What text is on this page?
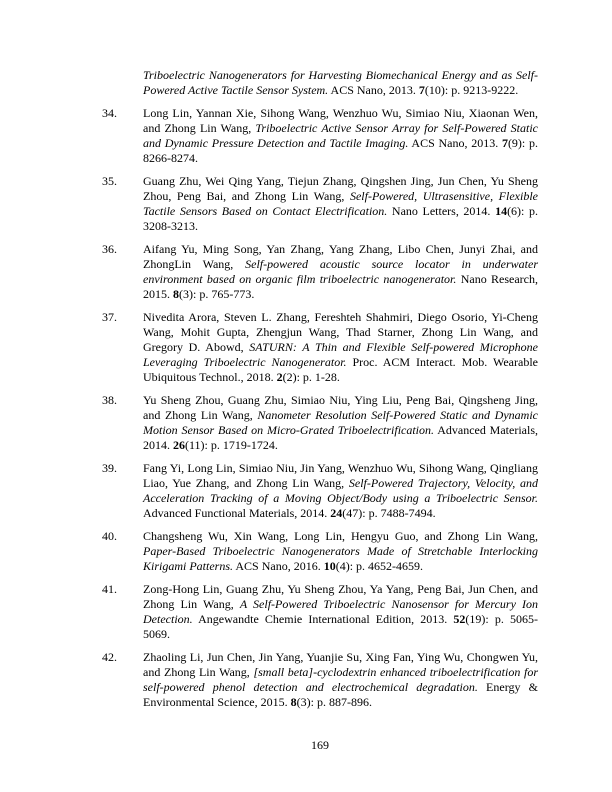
Triboelectric Nanogenerators for Harvesting Biomechanical Energy and as Self-Powered Active Tactile Sensor System. ACS Nano, 2013. 7(10): p. 9213-9222.
34.	Long Lin, Yannan Xie, Sihong Wang, Wenzhuo Wu, Simiao Niu, Xiaonan Wen, and Zhong Lin Wang, Triboelectric Active Sensor Array for Self-Powered Static and Dynamic Pressure Detection and Tactile Imaging. ACS Nano, 2013. 7(9): p. 8266-8274.
35.	Guang Zhu, Wei Qing Yang, Tiejun Zhang, Qingshen Jing, Jun Chen, Yu Sheng Zhou, Peng Bai, and Zhong Lin Wang, Self-Powered, Ultrasensitive, Flexible Tactile Sensors Based on Contact Electrification. Nano Letters, 2014. 14(6): p. 3208-3213.
36.	Aifang Yu, Ming Song, Yan Zhang, Yang Zhang, Libo Chen, Junyi Zhai, and ZhongLin Wang, Self-powered acoustic source locator in underwater environment based on organic film triboelectric nanogenerator. Nano Research, 2015. 8(3): p. 765-773.
37.	Nivedita Arora, Steven L. Zhang, Fereshteh Shahmiri, Diego Osorio, Yi-Cheng Wang, Mohit Gupta, Zhengjun Wang, Thad Starner, Zhong Lin Wang, and Gregory D. Abowd, SATURN: A Thin and Flexible Self-powered Microphone Leveraging Triboelectric Nanogenerator. Proc. ACM Interact. Mob. Wearable Ubiquitous Technol., 2018. 2(2): p. 1-28.
38.	Yu Sheng Zhou, Guang Zhu, Simiao Niu, Ying Liu, Peng Bai, Qingsheng Jing, and Zhong Lin Wang, Nanometer Resolution Self-Powered Static and Dynamic Motion Sensor Based on Micro-Grated Triboelectrification. Advanced Materials, 2014. 26(11): p. 1719-1724.
39.	Fang Yi, Long Lin, Simiao Niu, Jin Yang, Wenzhuo Wu, Sihong Wang, Qingliang Liao, Yue Zhang, and Zhong Lin Wang, Self-Powered Trajectory, Velocity, and Acceleration Tracking of a Moving Object/Body using a Triboelectric Sensor. Advanced Functional Materials, 2014. 24(47): p. 7488-7494.
40.	Changsheng Wu, Xin Wang, Long Lin, Hengyu Guo, and Zhong Lin Wang, Paper-Based Triboelectric Nanogenerators Made of Stretchable Interlocking Kirigami Patterns. ACS Nano, 2016. 10(4): p. 4652-4659.
41.	Zong-Hong Lin, Guang Zhu, Yu Sheng Zhou, Ya Yang, Peng Bai, Jun Chen, and Zhong Lin Wang, A Self-Powered Triboelectric Nanosensor for Mercury Ion Detection. Angewandte Chemie International Edition, 2013. 52(19): p. 5065-5069.
42.	Zhaoling Li, Jun Chen, Jin Yang, Yuanjie Su, Xing Fan, Ying Wu, Chongwen Yu, and Zhong Lin Wang, [small beta]-cyclodextrin enhanced triboelectrification for self-powered phenol detection and electrochemical degradation. Energy & Environmental Science, 2015. 8(3): p. 887-896.
169
